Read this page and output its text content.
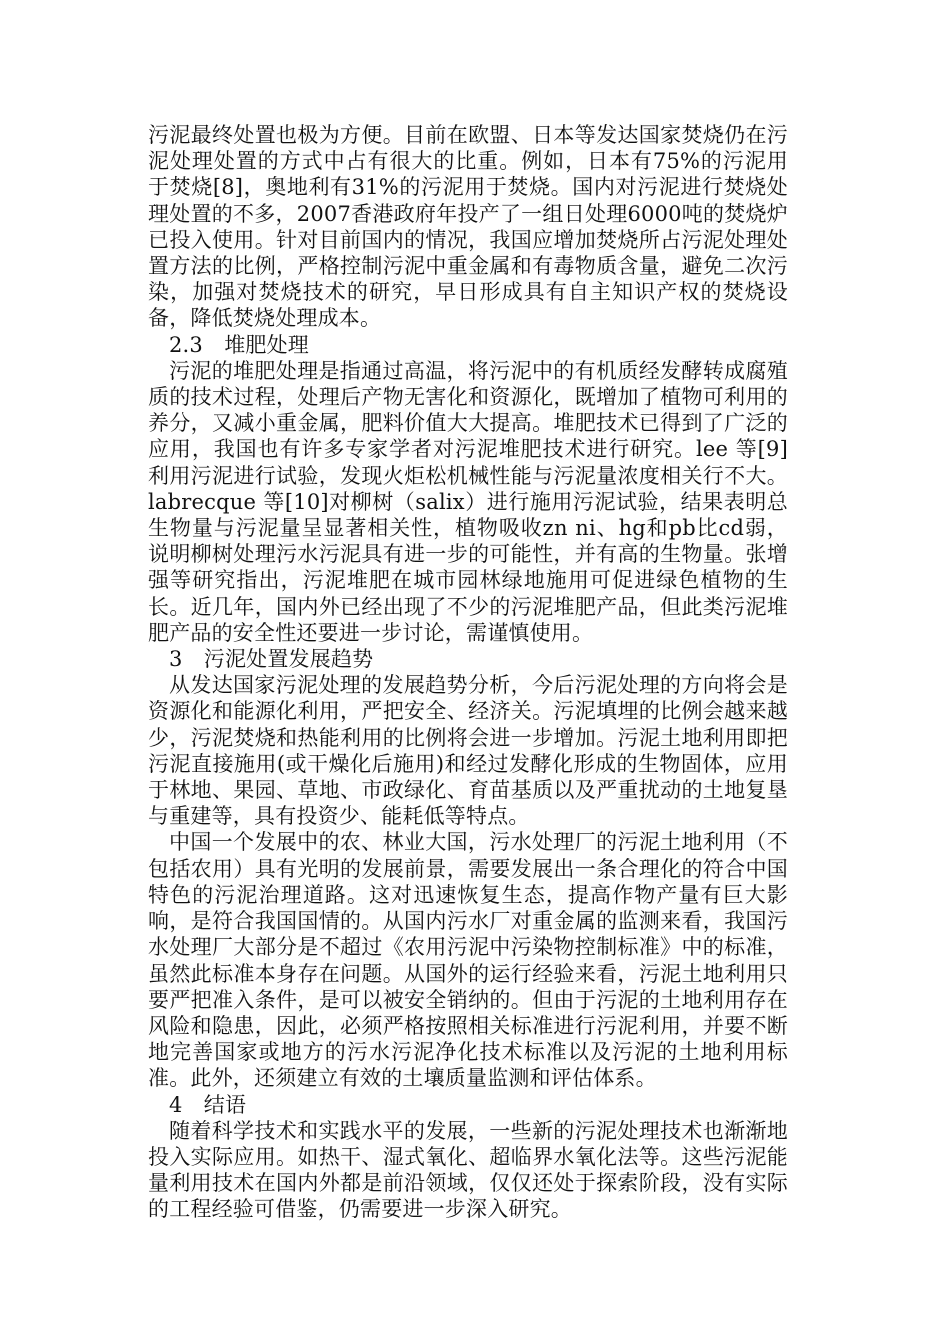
污泥最终处置也极为方便。目前在欧盟、日本等发达国家焚烧仍在污泥处理处置的方式中占有很大的比重。例如，日本有75%的污泥用于焚烧[8]，奥地利有31%的污泥用于焚烧。国内对污泥进行焚烧处理处置的不多，2007香港政府年投产了一组日处理6000吨的焚烧炉已投入使用。针对目前国内的情况，我国应增加焚烧所占污泥处理处置方法的比例，严格控制污泥中重金属和有毒物质含量，避免二次污染，加强对焚烧技术的研究，早日形成具有自主知识产权的焚烧设备，降低焚烧处理成本。

2.3　堆肥处理

污泥的堆肥处理是指通过高温，将污泥中的有机质经发酵转成腐殖质的技术过程，处理后产物无害化和资源化，既增加了植物可利用的养分，又减小重金属，肥料价值大大提高。堆肥技术已得到了广泛的应用，我国也有许多专家学者对污泥堆肥技术进行研究。lee 等[9]利用污泥进行试验，发现火炬松机械性能与污泥量浓度相关行不大。labrecque 等[10]对柳树（salix）进行施用污泥试验，结果表明总生物量与污泥量呈显著相关性，植物吸收zn ni、hg和pb比cd弱，说明柳树处理污水污泥具有进一步的可能性，并有高的生物量。张增强等研究指出，污泥堆肥在城市园林绿地施用可促进绿色植物的生长。近几年，国内外已经出现了不少的污泥堆肥产品，但此类污泥堆肥产品的安全性还要进一步讨论，需谨慎使用。

3　污泥处置发展趋势

从发达国家污泥处理的发展趋势分析，今后污泥处理的方向将会是资源化和能源化利用，严把安全、经济关。污泥填埋的比例会越来越少，污泥焚烧和热能利用的比例将会进一步增加。污泥土地利用即把污泥直接施用(或干燥化后施用)和经过发酵化形成的生物固体，应用于林地、果园、草地、市政绿化、育苗基质以及严重扰动的土地复垦与重建等，具有投资少、能耗低等特点。

中国一个发展中的农、林业大国，污水处理厂的污泥土地利用（不包括农用）具有光明的发展前景，需要发展出一条合理化的符合中国特色的污泥治理道路。这对迅速恢复生态，提高作物产量有巨大影响，是符合我国国情的。从国内污水厂对重金属的监测来看，我国污水处理厂大部分是不超过《农用污泥中污染物控制标准》中的标准，虽然此标准本身存在问题。从国外的运行经验来看，污泥土地利用只要严把准入条件，是可以被安全销纳的。但由于污泥的土地利用存在风险和隐患，因此，必须严格按照相关标准进行污泥利用，并要不断地完善国家或地方的污水污泥净化技术标准以及污泥的土地利用标准。此外，还须建立有效的土壤质量监测和评估体系。

4　结语

随着科学技术和实践水平的发展，一些新的污泥处理技术也渐渐地投入实际应用。如热干、湿式氧化、超临界水氧化法等。这些污泥能量利用技术在国内外都是前沿领域，仅仅还处于探索阶段，没有实际的工程经验可借鉴，仍需要进一步深入研究。
